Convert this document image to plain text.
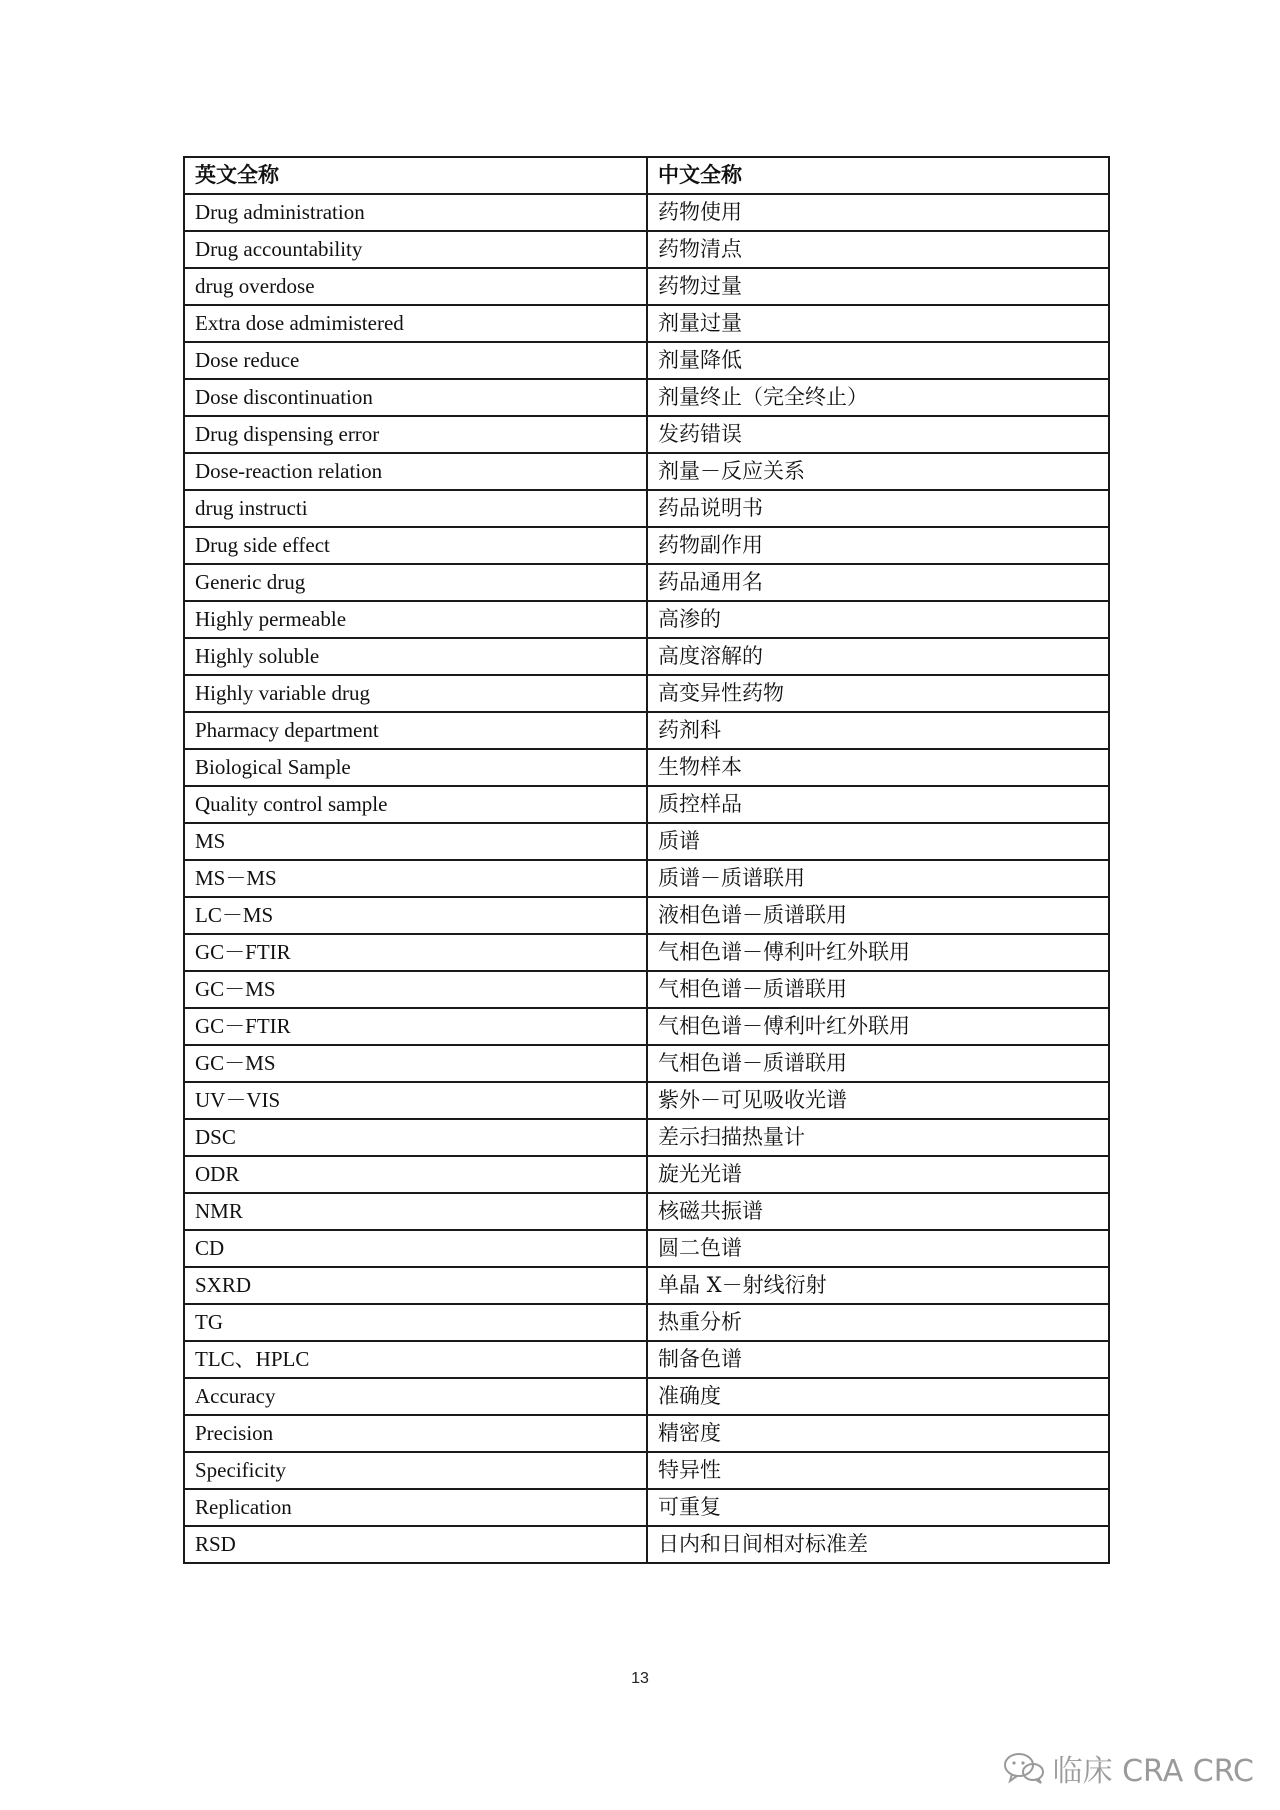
英文全称	中文全称
Drug administration	药物使用
Drug accountability	药物清点
drug overdose	药物过量
Extra dose admimistered	剂量过量
Dose reduce	剂量降低
Dose discontinuation	剂量终止（完全终止）
Drug dispensing error	发药错误
Dose-reaction relation	剂量－反应关系
drug instructi	药品说明书
Drug side effect	药物副作用
Generic drug	药品通用名
Highly permeable	高渗的
Highly soluble	高度溶解的
Highly variable drug	高变异性药物
Pharmacy department	药剂科
Biological Sample	生物样本
Quality control sample	质控样品
MS	质谱
MS－MS	质谱－质谱联用
LC－MS	液相色谱－质谱联用
GC－FTIR	气相色谱－傅利叶红外联用
GC－MS	气相色谱－质谱联用
GC－FTIR	气相色谱－傅利叶红外联用
GC－MS	气相色谱－质谱联用
UV－VIS	紫外－可见吸收光谱
DSC	差示扫描热量计
ODR	旋光光谱
NMR	核磁共振谱
CD	圆二色谱
SXRD	单晶 X－射线衍射
TG	热重分析
TLC、HPLC	制备色谱
Accuracy	准确度
Precision	精密度
Specificity	特异性
Replication	可重复
RSD	日内和日间相对标准差
13
临床 CRA CRC
